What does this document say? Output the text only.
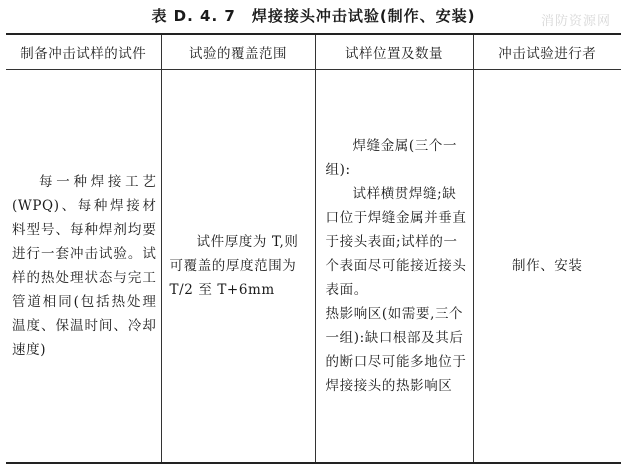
表 D. 4. 7　焊接接头冲击试验(制作、安装)	消防资源网
制备冲击试样的试件	试验的覆盖范围	试样位置及数量	冲击试验进行者

每一种焊接工艺(WPQ)、每种焊接材料型号、每种焊剂均要进行一套冲击试验。试样的热处理状态与完工管道相同(包括热处理温度、保温时间、冷却速度)	试件厚度为 T,则可覆盖的厚度范围为 T/2 至 T+6mm	焊缝金属(三个一组):
试样横贯焊缝;缺口位于焊缝金属并垂直于接头表面;试样的一个表面尽可能接近接头表面。
热影响区(如需要,三个一组):缺口根部及其后的断口尽可能多地位于焊接接头的热影响区	制作、安装
